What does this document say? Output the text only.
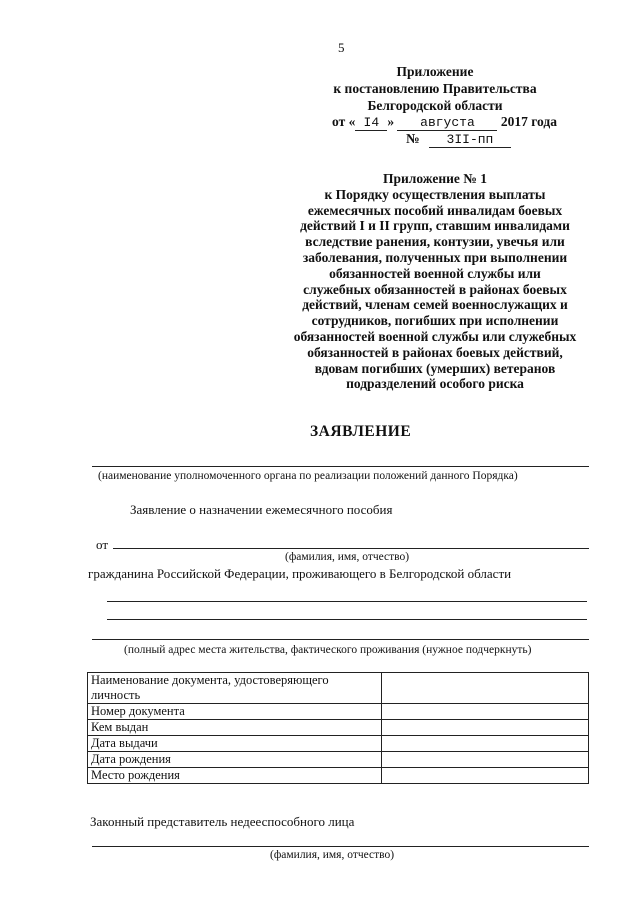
5
Приложение
к постановлению Правительства
Белгородской области
от « I4 » августа 2017 года
№ 3II-пп
Приложение № 1
к Порядку осуществления выплаты
ежемесячных пособий инвалидам боевых
действий I и II групп, ставшим инвалидами
вследствие ранения, контузии, увечья или
заболевания, полученных при выполнении
обязанностей военной службы или
служебных обязанностей в районах боевых
действий, членам семей военнослужащих и
сотрудников, погибших при исполнении
обязанностей военной службы или служебных
обязанностей в районах боевых действий,
вдовам погибших (умерших) ветеранов
подразделений особого риска
ЗАЯВЛЕНИЕ
(наименование уполномоченного органа по реализации положений данного Порядка)
Заявление о назначении ежемесячного пособия
от
(фамилия, имя, отчество)
гражданина Российской Федерации, проживающего в Белгородской области
(полный адрес места жительства, фактического проживания (нужное подчеркнуть)
Наименование документа, удостоверяющего личность	
Номер документа	
Кем выдан	
Дата выдачи	
Дата рождения	
Место рождения	
Законный представитель недееспособного лица
(фамилия, имя, отчество)
